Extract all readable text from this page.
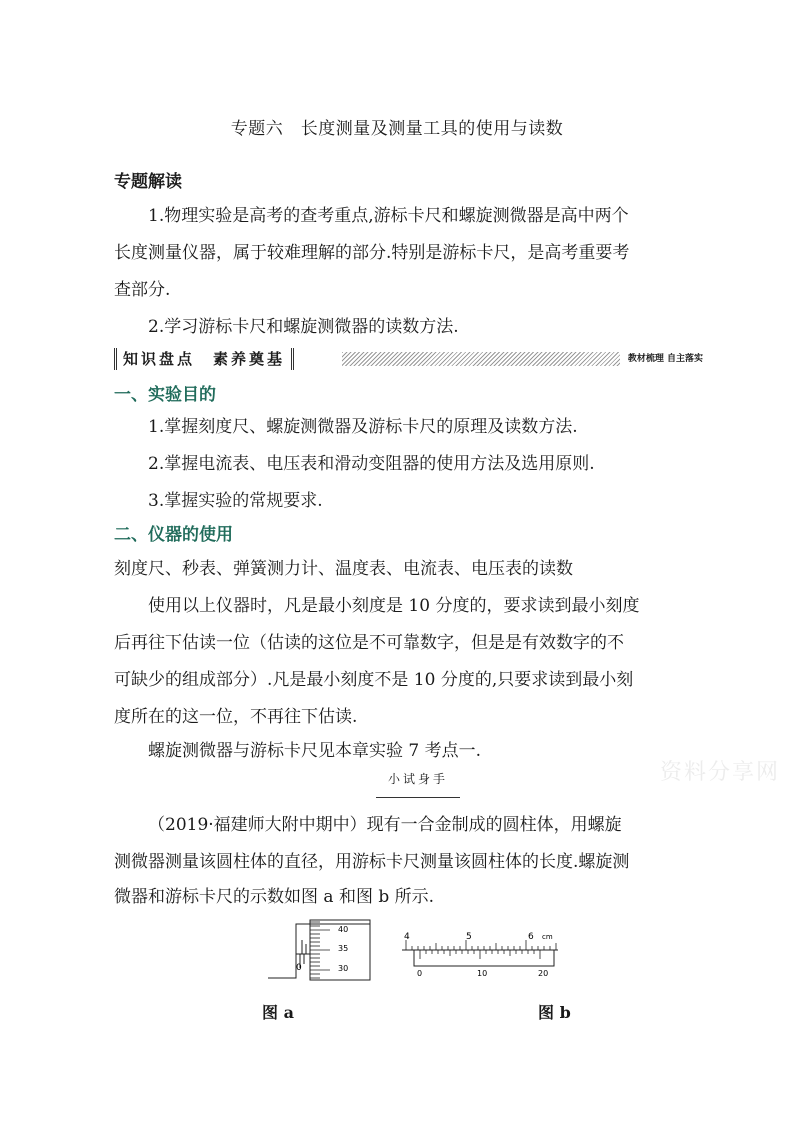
专题六　长度测量及测量工具的使用与读数
专题解读
1.物理实验是高考的查考重点,游标卡尺和螺旋测微器是高中两个
长度测量仪器，属于较难理解的部分.特别是游标卡尺，是高考重要考
查部分.
2.学习游标卡尺和螺旋测微器的读数方法.
知识盘点　素养奠基	教材梳理 自主落实
一、实验目的
1.掌握刻度尺、螺旋测微器及游标卡尺的原理及读数方法.
2.掌握电流表、电压表和滑动变阻器的使用方法及选用原则.
3.掌握实验的常规要求.
二、仪器的使用
刻度尺、秒表、弹簧测力计、温度表、电流表、电压表的读数
使用以上仪器时，凡是最小刻度是 10 分度的，要求读到最小刻度
后再往下估读一位（估读的这位是不可靠数字，但是是有效数字的不
可缺少的组成部分）.凡是最小刻度不是 10 分度的,只要求读到最小刻
度所在的这一位，不再往下估读.
螺旋测微器与游标卡尺见本章实验 7 考点一.
小试身手	资料分享网
（2019·福建师大附中期中）现有一合金制成的圆柱体，用螺旋
测微器测量该圆柱体的直径，用游标卡尺测量该圆柱体的长度.螺旋测
微器和游标卡尺的示数如图 a 和图 b 所示.
0
40
35
30
图 a
4	5	6 cm
0	10	20
图 b
